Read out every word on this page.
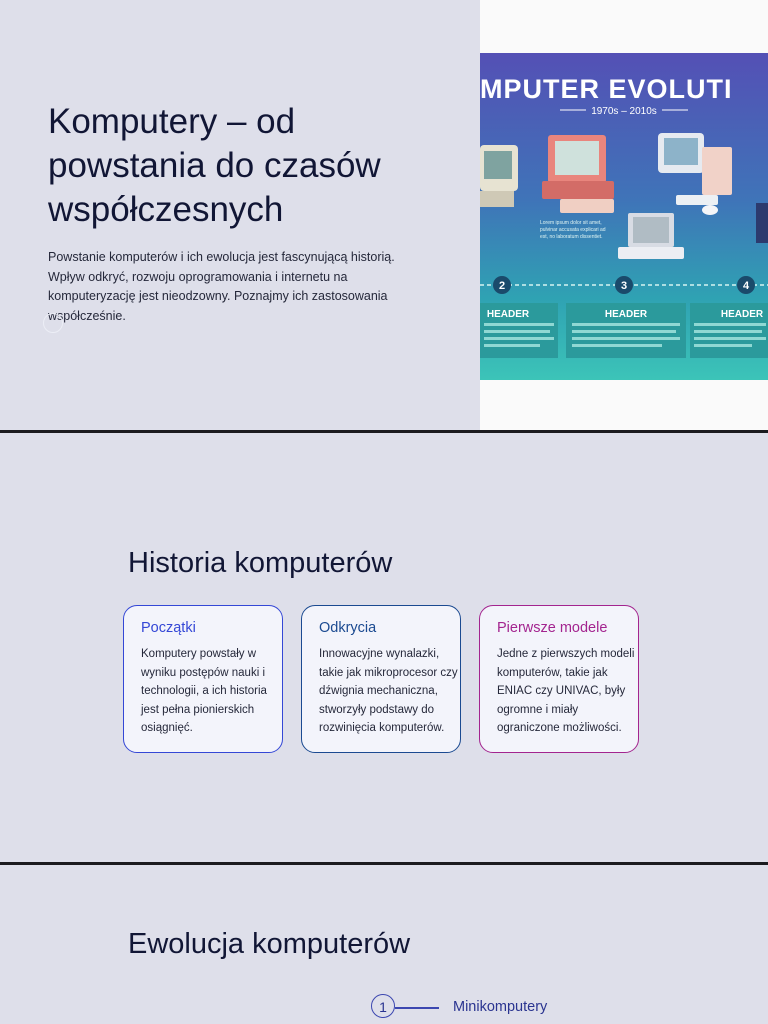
Komputery – od powstania do czasów współczesnych

Powstanie komputerów i ich ewolucja jest fascynującą historią. Wpływ odkryć, rozwoju oprogramowania i internetu na komputeryzację jest nieodzowny. Poznajmy ich zastosowania współcześnie.

MPUTER EVOLUTI
1970s – 2010s
Lorem ipsum dolor sit amet,
pulvinar accusata explicari ad
est, no laboratum dissentiet.
2	3	4
HEADER	HEADER	HEADER
Historia komputerów
Początki

Komputery powstały w wyniku postępów nauki i technologii, a ich historia jest pełna pionierskich osiągnięć.

Odkrycia

Innowacyjne wynalazki, takie jak mikroprocesor czy dźwignia mechaniczna, stworzyły podstawy do rozwinięcia komputerów.

Pierwsze modele

Jedne z pierwszych modeli komputerów, takie jak ENIAC czy UNIVAC, były ogromne i miały ograniczone możliwości.

Ewolucja komputerów
1	Minikomputery
